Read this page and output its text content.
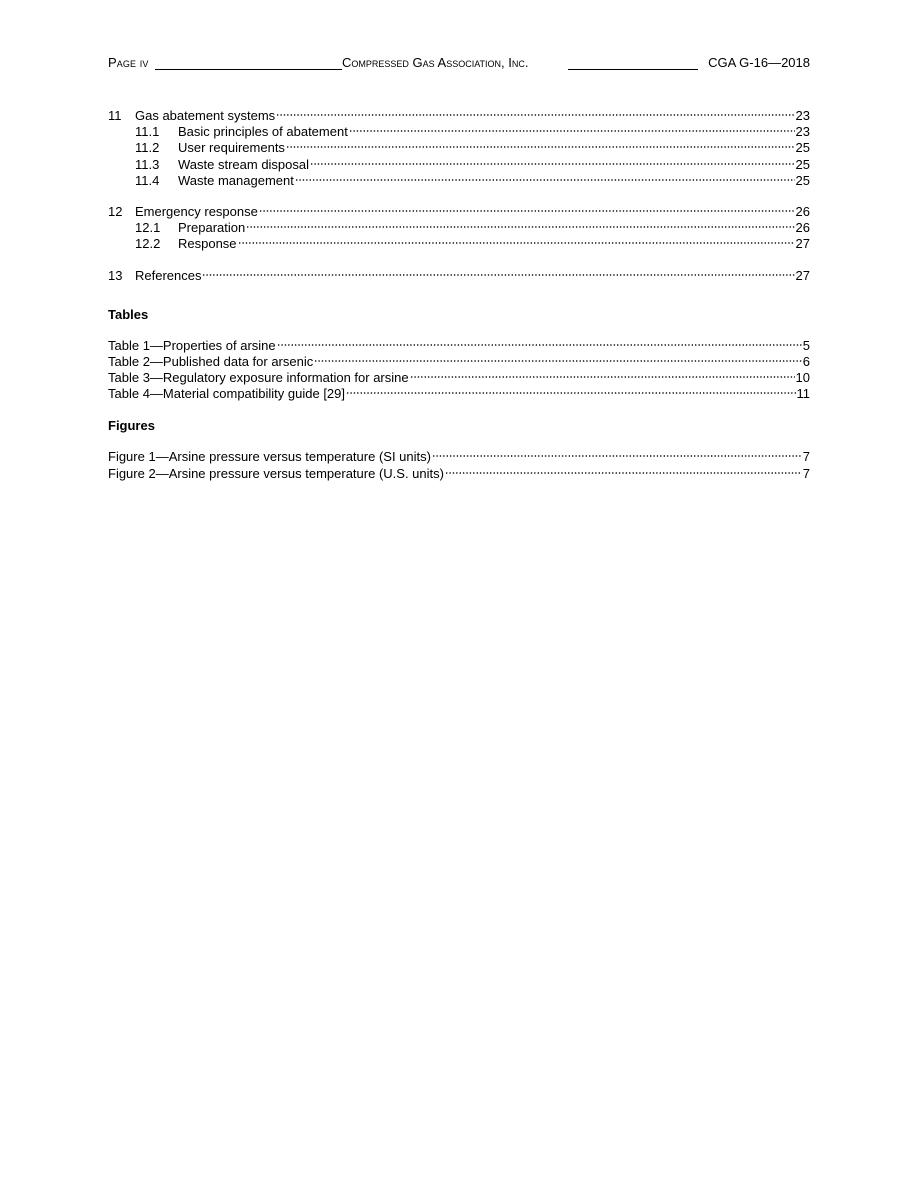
Page iv	Compressed Gas Association, Inc.	CGA G-16—2018
11	Gas abatement systems	23
11.1	Basic principles of abatement	23
11.2	User requirements	25
11.3	Waste stream disposal	25
11.4	Waste management	25
12 Emergency response	26
12.1	Preparation	26
12.2	Response	27
13 References	27
Tables
Table 1—Properties of arsine	5
Table 2—Published data for arsenic	6
Table 3—Regulatory exposure information for arsine	10
Table 4—Material compatibility guide [29]	11
Figures
Figure 1—Arsine pressure versus temperature (SI units)	7
Figure 2—Arsine pressure versus temperature (U.S. units)	7
